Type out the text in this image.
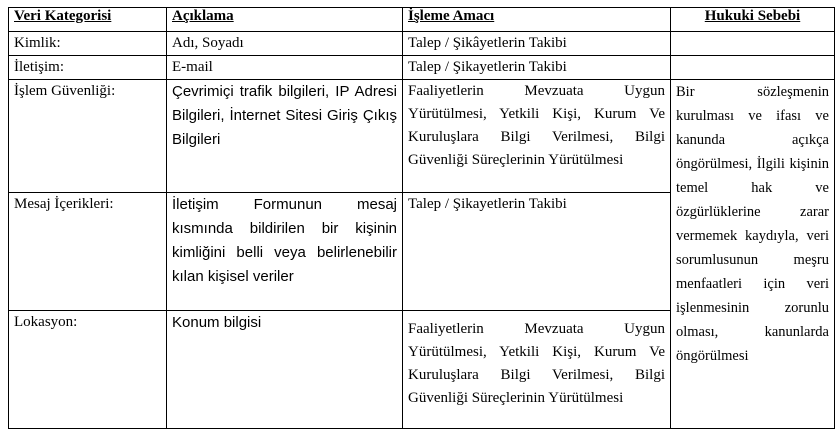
Veri Kategorisi	Açıklama	İşleme Amacı	Hukuki Sebebi
Kimlik:	Adı, Soyadı	Talep / Şikâyetlerin Takibi	
İletişim:	E-mail	Talep / Şikayetlerin Takibi	
İşlem Güvenliği:	Çevrimiçi trafik bilgileri, IP Adresi Bilgileri, İnternet Sitesi Giriş Çıkış Bilgileri	Faaliyetlerin Mevzuata Uygun Yürütülmesi, Yetkili Kişi, Kurum Ve Kuruluşlara Bilgi Verilmesi, Bilgi Güvenliği Süreçlerinin Yürütülmesi	Bir sözleşmenin kurulması ve ifası ve kanunda açıkça öngörülmesi, İlgili kişinin temel hak ve özgürlüklerine zarar vermemek kaydıyla, veri sorumlusunun meşru menfaatleri için veri işlenmesinin zorunlu olması, kanunlarda öngörülmesi
Mesaj İçerikleri:	İletişim Formunun mesaj kısmında bildirilen bir kişinin kimliğini belli veya belirlenebilir kılan kişisel veriler	Talep / Şikayetlerin Takibi	
Lokasyon:	Konum bilgisi	Faaliyetlerin Mevzuata Uygun Yürütülmesi, Yetkili Kişi, Kurum Ve Kuruluşlara Bilgi Verilmesi, Bilgi Güvenliği Süreçlerinin Yürütülmesi	
